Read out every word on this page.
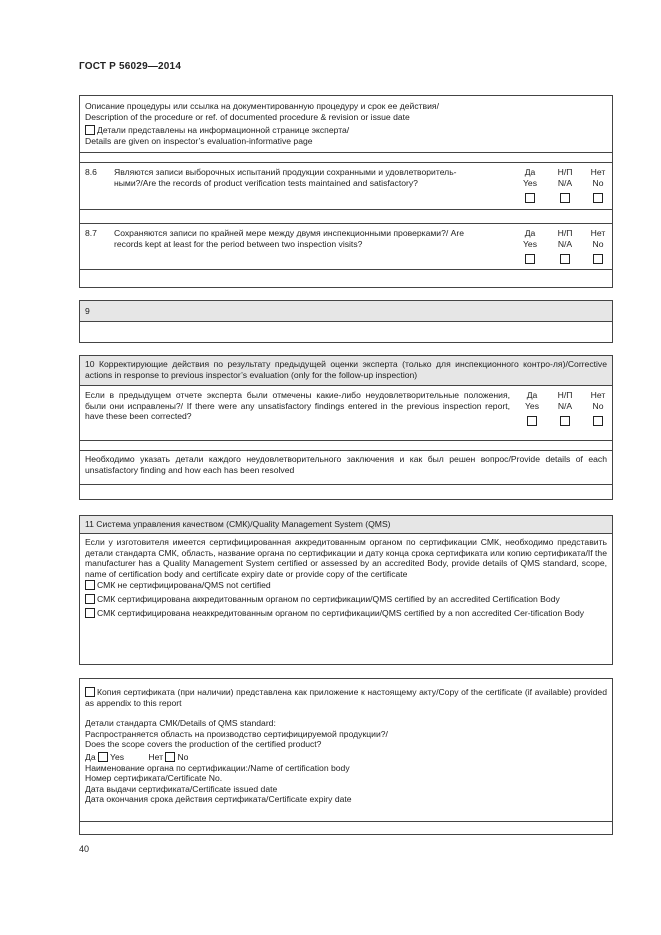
ГОСТ Р 56029—2014
Описание процедуры или ссылка на документированную процедуру и срок ее действия/
Description of the procedure or ref. of documented procedure & revision or issue date
Детали представлены на информационной странице эксперта/
Details are given on inspector’s evaluation-informative page
8.6 Являются записи выборочных испытаний продукции сохранными и удовлетворитель-ными?/Are the records of product verification tests maintained and satisfactory?
Да
Yes
Н/П
N/A
Нет
No
8.7 Сохраняются записи по крайней мере между двумя инспекционными проверками?/ Are records kept at least for the period between two inspection visits?
Да
Yes
Н/П
N/A
Нет
No
9
10 Корректирующие действия по результату предыдущей оценки эксперта (только для инспекционного контро-ля)/Corrective actions in response to previous inspector’s evaluation (only for the follow-up inspection)
Если в предыдущем отчете эксперта были отмечены какие-либо неудовлетворительные положения, были они исправлены?/ If there were any unsatisfactory findings entered in the previous inspection report, have these been corrected?
Да
Yes
Н/П
N/A
Нет
No
Необходимо указать детали каждого неудовлетворительного заключения и как был решен вопрос/Provide details of each unsatisfactory finding and how each has been resolved
11 Система управления качеством (СМК)/Quality Management System (QMS)
Если у изготовителя имеется сертифицированная аккредитованным органом по сертификации СМК, необходимо представить детали стандарта СМК, область, название органа по сертификации и дату конца срока сертификата или копию сертификата/If the manufacturer has a Quality Management System certified or assessed by an accredited Body, provide details of QMS standard, scope, name of certification body and certificate expiry date or provide copy of the certificate
СМК не сертифицирована/QMS not certified
СМК сертифицирована аккредитованным органом по сертификации/QMS certified by an accredited Certification Body
СМК сертифицирована неаккредитованным органом по сертификации/QMS certified by a non accredited Cer-tification Body
Копия сертификата (при наличии) представлена как приложение к настоящему акту/Copy of the certificate (if available) provided as appendix to this report
Детали стандарта СМК/Details of QMS standard:
Распространяется область на производство сертифицируемой продукции?/
Does the scope covers the production of the certified product?
Да Yes	Нет No
Наименование органа по сертификации:/Name of certification body
Номер сертификата/Certificate No.
Дата выдачи сертификата/Certificate issued date
Дата окончания срока действия сертификата/Certificate expiry date
40
